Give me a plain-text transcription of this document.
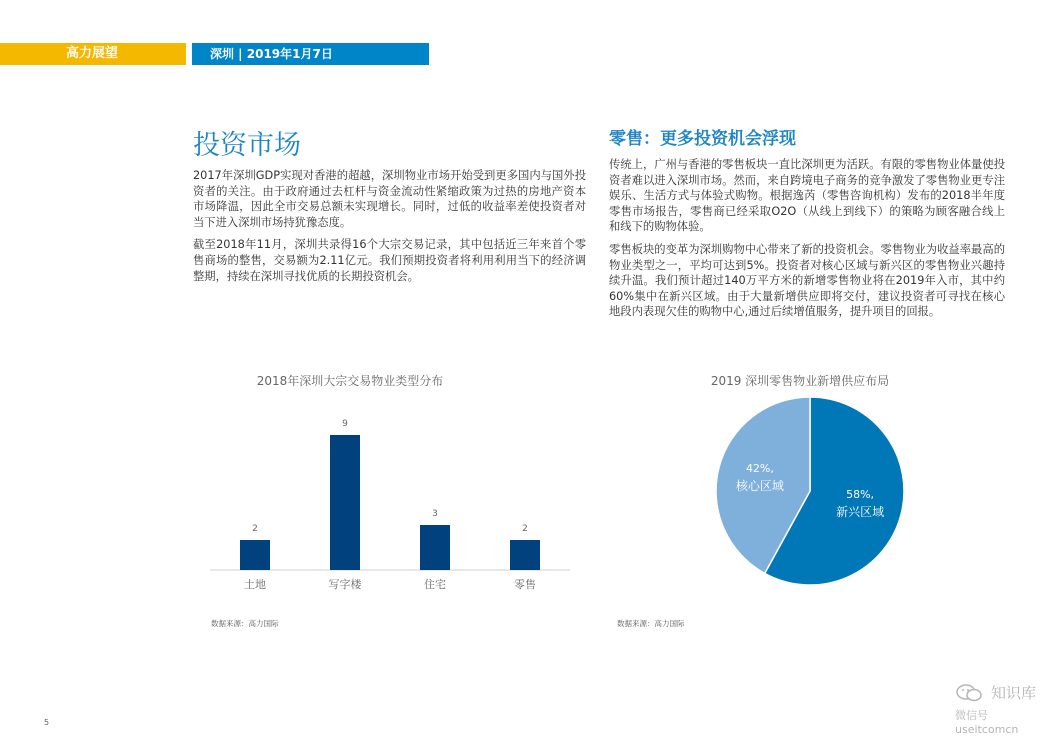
高力展望	深圳 | 2019年1月7日
投资市场

2017年深圳GDP实现对香港的超越，深圳物业市场开始受到更多国内与国外投资者的关注。由于政府通过去杠杆与资金流动性紧缩政策为过热的房地产资本市场降温，因此全市交易总额未实现增长。同时，过低的收益率差使投资者对当下进入深圳市场持犹豫态度。

截至2018年11月，深圳共录得16个大宗交易记录，其中包括近三年来首个零售商场的整售，交易额为2.11亿元。我们预期投资者将利用利用当下的经济调整期，持续在深圳寻找优质的长期投资机会。

零售：更多投资机会浮现

传统上，广州与香港的零售板块一直比深圳更为活跃。有限的零售物业体量使投资者难以进入深圳市场。然而，来自跨境电子商务的竞争激发了零售物业更专注娱乐、生活方式与体验式购物。根据逸芮（零售咨询机构）发布的2018半年度零售市场报告，零售商已经采取O2O（从线上到线下）的策略为顾客融合线上和线下的购物体验。

零售板块的变革为深圳购物中心带来了新的投资机会。零售物业为收益率最高的物业类型之一，平均可达到5%。投资者对核心区域与新兴区的零售物业兴趣持续升温。我们预计超过140万平方米的新增零售物业将在2019年入市，其中约60%集中在新兴区域。由于大量新增供应即将交付，建议投资者可寻找在核心地段内表现欠佳的购物中心,通过后续增值服务，提升项目的回报。

2018年深圳大宗交易物业类型分布
2
土地
9
写字楼
3
住宅
2
零售
数据来源：高力国际
2019 深圳零售物业新增供应布局
58%,
新兴区域
42%,
核心区域
数据来源：高力国际
5
知识库
微信号 useitcomcn
